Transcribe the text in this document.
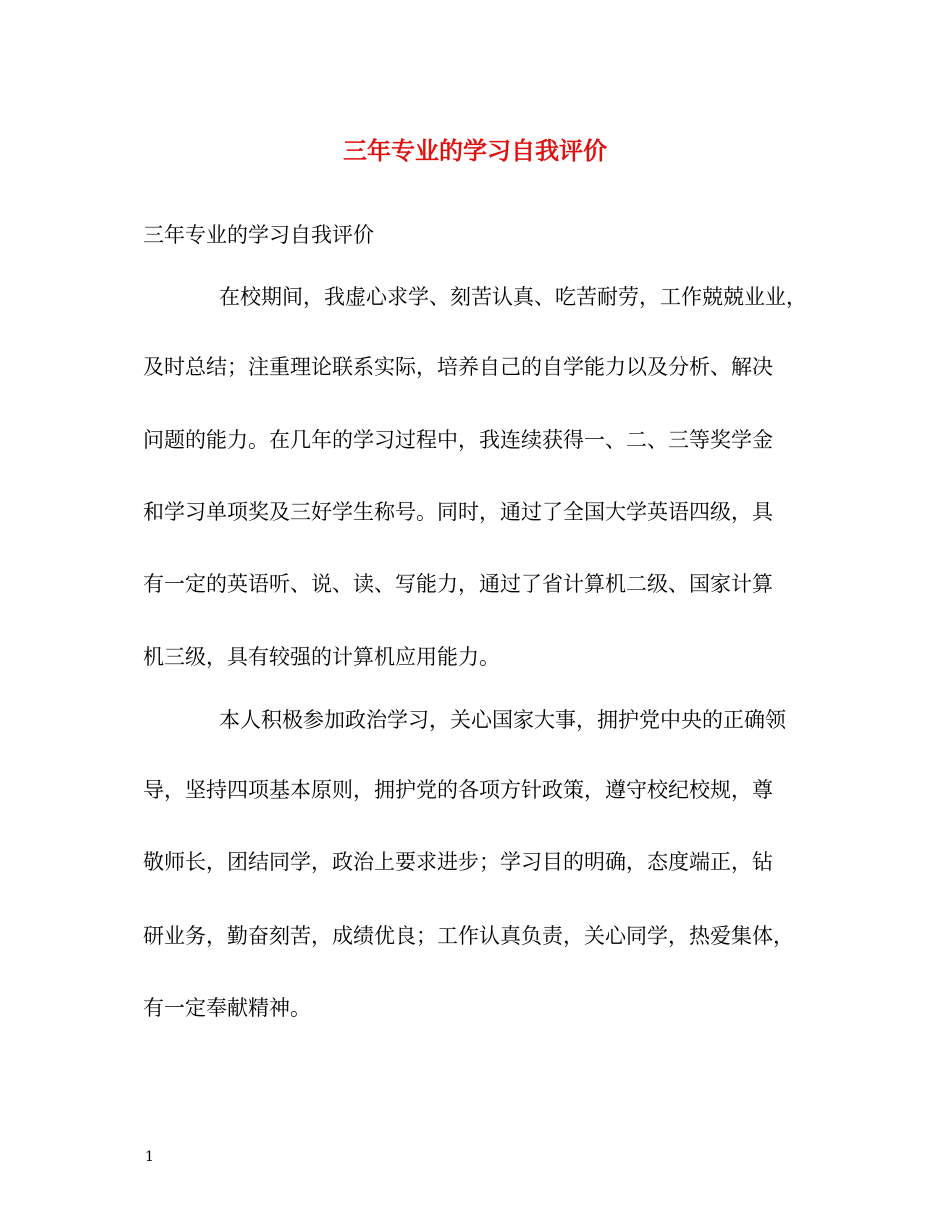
三年专业的学习自我评价

三年专业的学习自我评价

在校期间，我虚心求学、刻苦认真、吃苦耐劳，工作兢兢业业，

及时总结；注重理论联系实际，培养自己的自学能力以及分析、解决

问题的能力。在几年的学习过程中，我连续获得一、二、三等奖学金

和学习单项奖及三好学生称号。同时，通过了全国大学英语四级，具

有一定的英语听、说、读、写能力，通过了省计算机二级、国家计算

机三级，具有较强的计算机应用能力。

本人积极参加政治学习，关心国家大事，拥护党中央的正确领

导，坚持四项基本原则，拥护党的各项方针政策，遵守校纪校规，尊

敬师长，团结同学，政治上要求进步；学习目的明确，态度端正，钻

研业务，勤奋刻苦，成绩优良；工作认真负责，关心同学，热爱集体，

有一定奉献精神。

1
